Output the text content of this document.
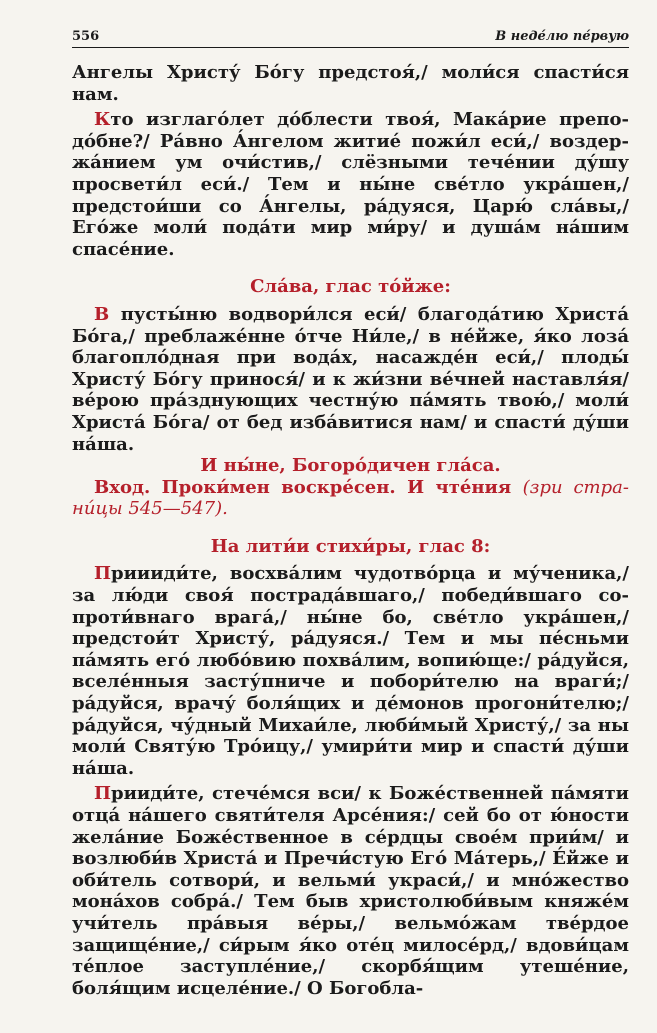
556	В неде́лю пе́рвую

Ангелы Христу́ Бо́гу предстоя́,/ моли́ся спасти́ся нам.

Кто изглаго́лет до́блести твоя́, Мака́рие преподо́бне?/ Ра́вно А́нгелом житие́ пожи́л еси́,/ воздержа́нием ум очи́стив,/ слёзными тече́нии ду́шу просвети́л еси́./ Тем и ны́не све́тло укра́шен,/ предстои́ши со А́нгелы, ра́дуяся, Царю́ сла́вы,/ Его́же моли́ пода́ти мир ми́ру/ и душа́м на́шим спасе́ние.

Сла́ва, глас то́йже:

В пусты́ню водвори́лся еси́/ благода́тию Христа́ Бо́га,/ преблаже́нне о́тче Ни́ле,/ в не́йже, я́ко лоза́ благопло́дная при вода́х, насажде́н еси́,/ плоды́ Христу́ Бо́гу принося́/ и к жи́зни ве́чней наставля́я/ ве́рою пра́зднующих честну́ю па́мять твою́,/ моли́ Христа́ Бо́га/ от бед изба́витися нам/ и спасти́ ду́ши на́ша.

И ны́не, Богоро́дичен гла́са.

Вход. Проки́мен воскре́сен. И чте́ния (зри страни́цы 545—547).

На лити́и стихи́ры, глас 8:

Приииди́те, восхва́лим чудотво́рца и му́ченика,/ за лю́ди своя́ пострада́вшаго,/ победи́вшаго сопроти́внаго врага́,/ ны́не бо, све́тло укра́шен,/ предстои́т Христу́, ра́дуяся./ Тем и мы пе́сньми па́мять его́ любо́вию похва́лим, вопию́ще:/ ра́дуйся, вселе́нныя засту́пниче и побори́телю на враги́;/ ра́дуйся, врачу́ боля́щих и де́монов прогони́телю;/ ра́дуйся, чу́дный Михаи́ле, люби́мый Христу́,/ за ны моли́ Святу́ю Тро́ицу,/ умири́ти мир и спасти́ ду́ши на́ша.

Прииди́те, стече́мся вси/ к Боже́ственней па́мяти отца́ на́шего святи́теля Арсе́ния:/ сей бо от ю́ности жела́ние Боже́ственное в се́рдцы свое́м прии́м/ и возлюби́в Христа́ и Пречи́стую Его́ Ма́терь,/ Е́йже и оби́тель сотвори́, и вельми́ украси́,/ и мно́жество мона́хов собра́./ Тем быв христолюби́вым княже́м учи́тель пра́выя ве́ры,/ вельмо́жам тве́рдое защище́ние,/ си́рым я́ко оте́ц милосе́рд,/ вдови́цам те́плое заступле́ние,/ скорбя́щим утеше́ние, боля́щим исцеле́ние./ О Богобла-
